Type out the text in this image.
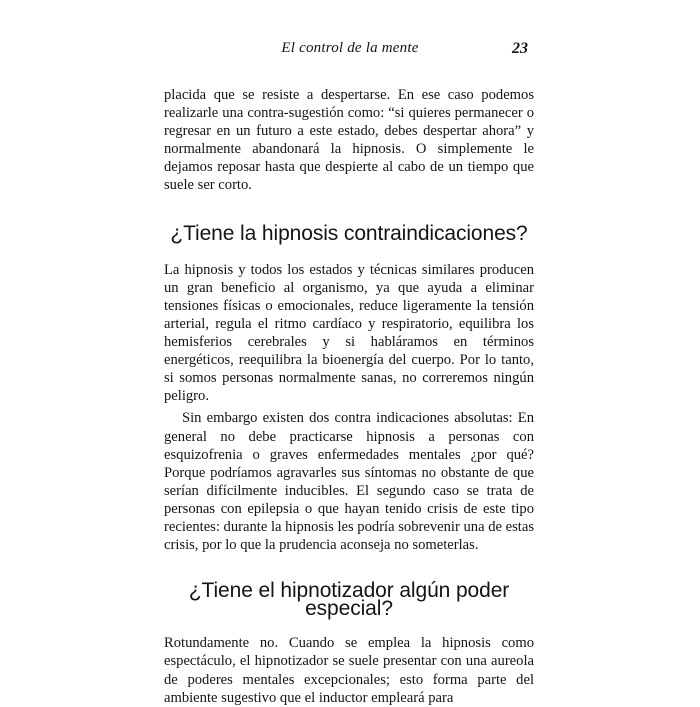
El control de la mente	23

placida que se resiste a despertarse. En ese caso podemos realizarle una contra-sugestión como: “si quieres permanecer o regresar en un futuro a este estado, debes despertar ahora” y normalmente abandonará la hipnosis. O simplemente le dejamos reposar hasta que despierte al cabo de un tiempo que suele ser corto.

¿Tiene la hipnosis contraindicaciones?

La hipnosis y todos los estados y técnicas similares producen un gran beneficio al organismo, ya que ayuda a eliminar tensiones físicas o emocionales, reduce ligeramente la tensión arterial, regula el ritmo cardíaco y respiratorio, equilibra los hemisferios cerebrales y si habláramos en términos energéticos, reequilibra la bioenergía del cuerpo. Por lo tanto, si somos personas normalmente sanas, no correremos ningún peligro.

Sin embargo existen dos contra indicaciones absolutas: En general no debe practicarse hipnosis a personas con esquizofrenia o graves enfermedades mentales ¿por qué? Porque podríamos agravarles sus síntomas no obstante de que serían difícilmente inducibles. El segundo caso se trata de personas con epilepsia o que hayan tenido crisis de este tipo recientes: durante la hipnosis les podría sobrevenir una de estas crisis, por lo que la prudencia aconseja no someterlas.

¿Tiene el hipnotizador algún poder especial?

Rotundamente no. Cuando se emplea la hipnosis como espectáculo, el hipnotizador se suele presentar con una aureola de poderes mentales excepcionales; esto forma parte del ambiente sugestivo que el inductor empleará para
